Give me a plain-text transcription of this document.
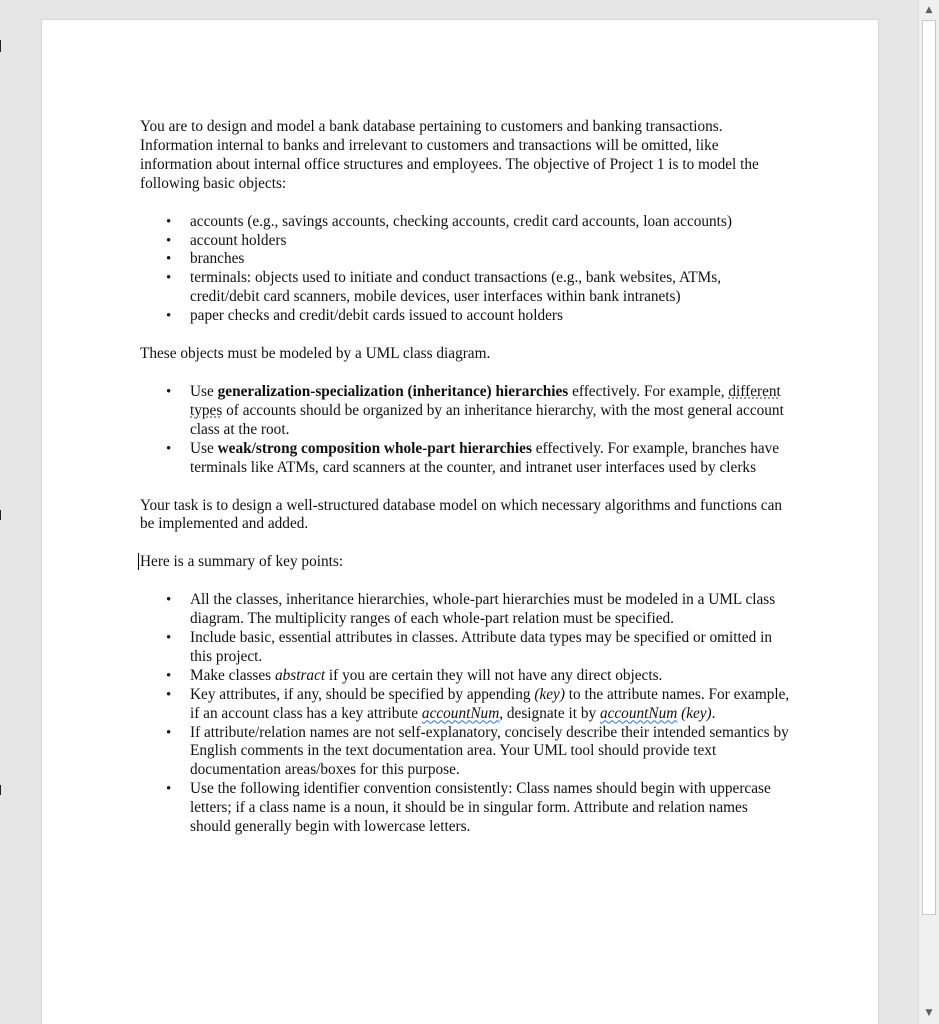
You are to design and model a bank database pertaining to customers and banking transactions. Information internal to banks and irrelevant to customers and transactions will be omitted, like information about internal office structures and employees. The objective of Project 1 is to model the following basic objects:

• accounts (e.g., savings accounts, checking accounts, credit card accounts, loan accounts)
• account holders
• branches
• terminals: objects used to initiate and conduct transactions (e.g., bank websites, ATMs, credit/debit card scanners, mobile devices, user interfaces within bank intranets)
• paper checks and credit/debit cards issued to account holders

These objects must be modeled by a UML class diagram.

• Use generalization-specialization (inheritance) hierarchies effectively. For example, different types of accounts should be organized by an inheritance hierarchy, with the most general account class at the root.
• Use weak/strong composition whole-part hierarchies effectively. For example, branches have terminals like ATMs, card scanners at the counter, and intranet user interfaces used by clerks

Your task is to design a well-structured database model on which necessary algorithms and functions can be implemented and added.

Here is a summary of key points:

• All the classes, inheritance hierarchies, whole-part hierarchies must be modeled in a UML class diagram. The multiplicity ranges of each whole-part relation must be specified.
• Include basic, essential attributes in classes. Attribute data types may be specified or omitted in this project.
• Make classes abstract if you are certain they will not have any direct objects.
• Key attributes, if any, should be specified by appending (key) to the attribute names. For example, if an account class has a key attribute accountNum, designate it by accountNum (key).
• If attribute/relation names are not self-explanatory, concisely describe their intended semantics by English comments in the text documentation area. Your UML tool should provide text documentation areas/boxes for this purpose.
• Use the following identifier convention consistently: Class names should begin with uppercase letters; if a class name is a noun, it should be in singular form. Attribute and relation names should generally begin with lowercase letters.
▲
▼
